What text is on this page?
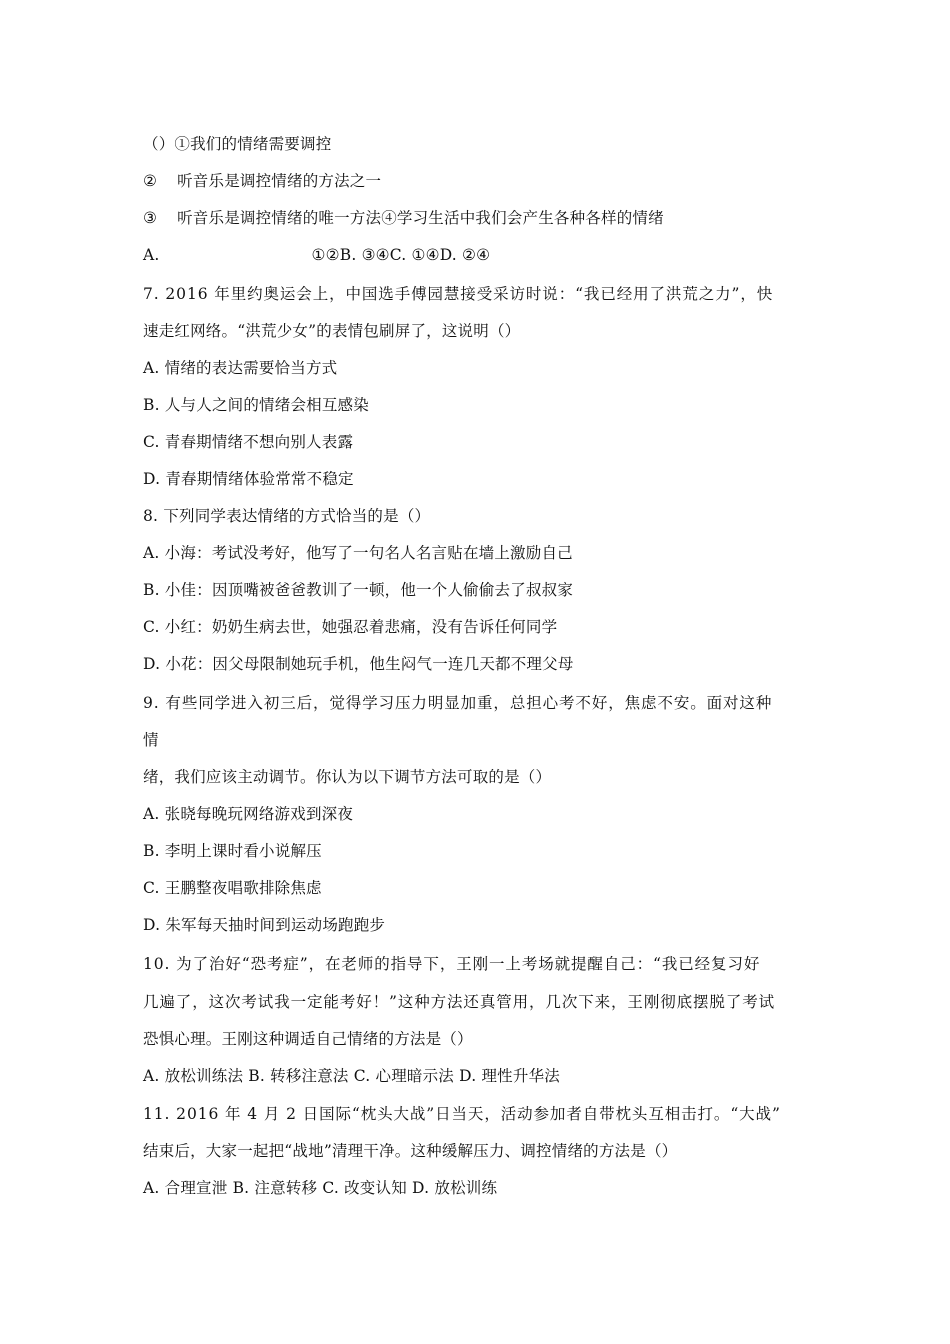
（）①我们的情绪需要调控
② 听音乐是调控情绪的方法之一
③ 听音乐是调控情绪的唯一方法④学习生活中我们会产生各种各样的情绪
A.	①②B. ③④C. ①④D. ②④
7. 2016 年里约奥运会上，中国选手傅园慧接受采访时说：“我已经用了洪荒之力”，快
速走红网络。“洪荒少女”的表情包刷屏了，这说明（）
A. 情绪的表达需要恰当方式
B. 人与人之间的情绪会相互感染
C. 青春期情绪不想向别人表露
D. 青春期情绪体验常常不稳定
8. 下列同学表达情绪的方式恰当的是（）
A. 小海：考试没考好，他写了一句名人名言贴在墙上激励自己
B. 小佳：因顶嘴被爸爸教训了一顿，他一个人偷偷去了叔叔家
C. 小红：奶奶生病去世，她强忍着悲痛，没有告诉任何同学
D. 小花：因父母限制她玩手机，他生闷气一连几天都不理父母
9. 有些同学进入初三后，觉得学习压力明显加重，总担心考不好，焦虑不安。面对这种
情
绪，我们应该主动调节。你认为以下调节方法可取的是（）
A. 张晓每晚玩网络游戏到深夜
B. 李明上课时看小说解压
C. 王鹏整夜唱歌排除焦虑
D. 朱军每天抽时间到运动场跑跑步
10. 为了治好“恐考症”，在老师的指导下，王刚一上考场就提醒自己：“我已经复习好
几遍了，这次考试我一定能考好！”这种方法还真管用，几次下来，王刚彻底摆脱了考试
恐惧心理。王刚这种调适自己情绪的方法是（）
A. 放松训练法 B. 转移注意法 C. 心理暗示法 D. 理性升华法
11. 2016 年 4 月 2 日国际“枕头大战”日当天，活动参加者自带枕头互相击打。“大战”
结束后，大家一起把“战地”清理干净。这种缓解压力、调控情绪的方法是（）
A. 合理宣泄 B. 注意转移 C. 改变认知 D. 放松训练
